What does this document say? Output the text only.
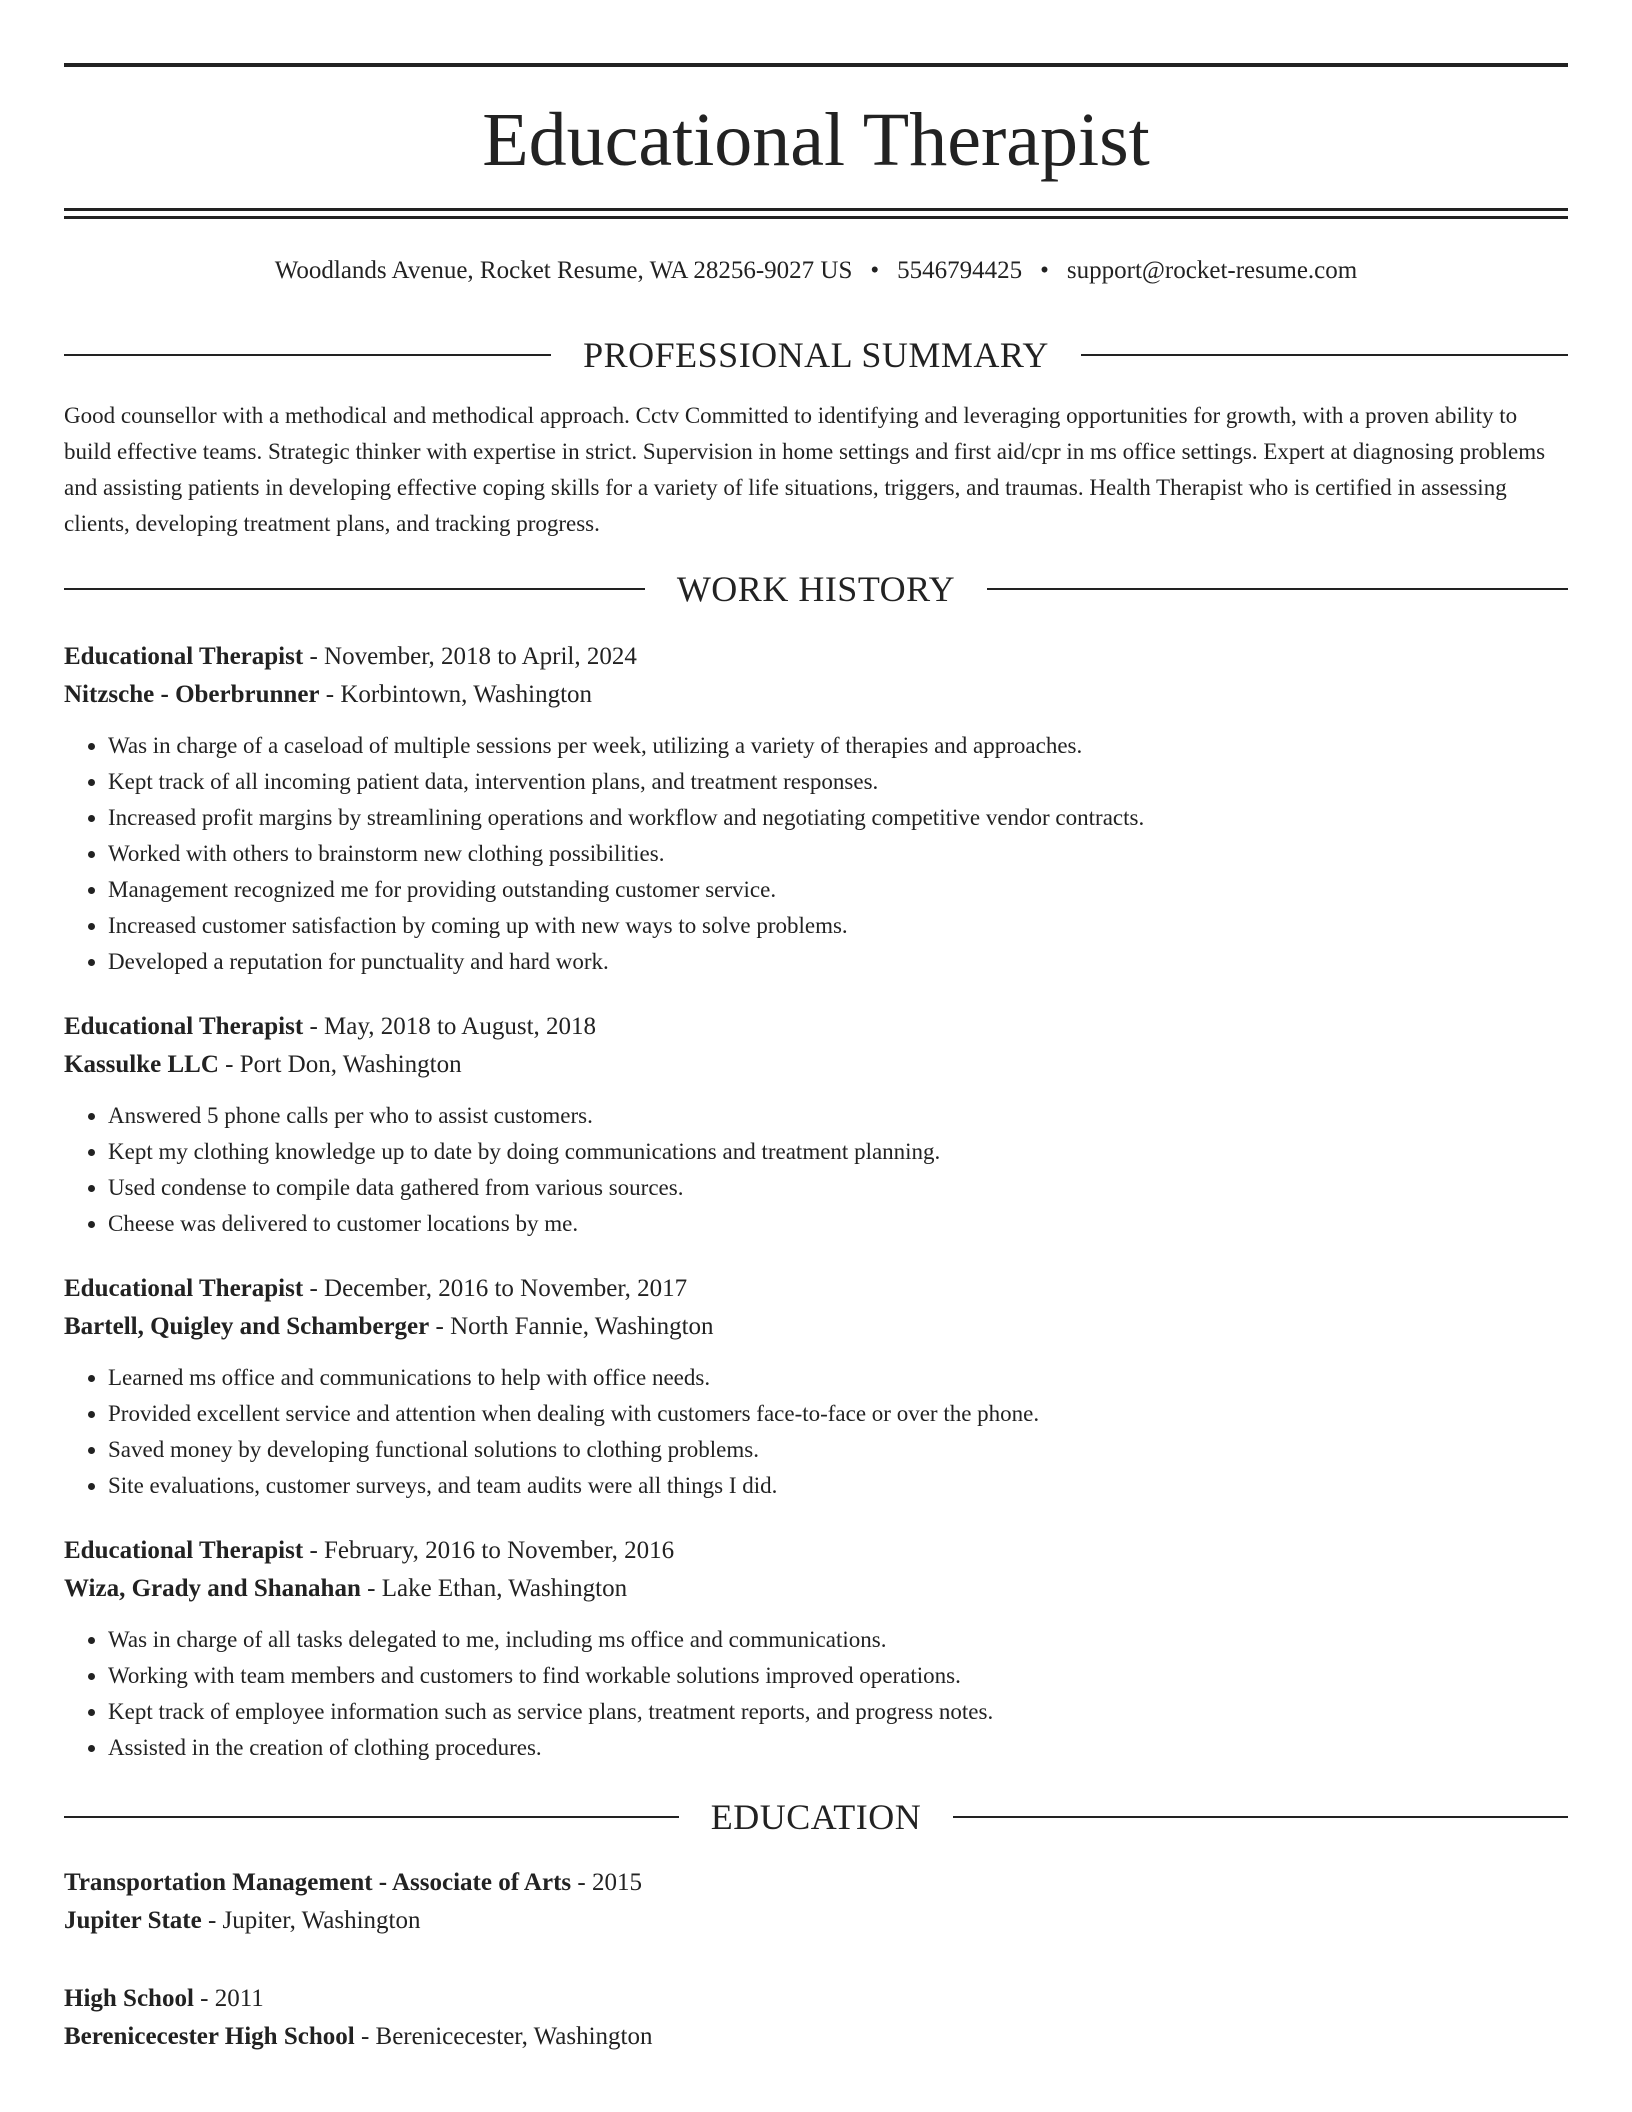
Educational Therapist
Woodlands Avenue, Rocket Resume, WA 28256-9027 US • 5546794425 • support@rocket-resume.com
PROFESSIONAL SUMMARY

Good counsellor with a methodical and methodical approach. Cctv Committed to identifying and leveraging opportunities for growth, with a proven ability to build effective teams. Strategic thinker with expertise in strict. Supervision in home settings and first aid/cpr in ms office settings. Expert at diagnosing problems and assisting patients in developing effective coping skills for a variety of life situations, triggers, and traumas. Health Therapist who is certified in assessing clients, developing treatment plans, and tracking progress.

WORK HISTORY
Educational Therapist - November, 2018 to April, 2024
Nitzsche - Oberbrunner - Korbintown, Washington
• Was in charge of a caseload of multiple sessions per week, utilizing a variety of therapies and approaches.
• Kept track of all incoming patient data, intervention plans, and treatment responses.
• Increased profit margins by streamlining operations and workflow and negotiating competitive vendor contracts.
• Worked with others to brainstorm new clothing possibilities.
• Management recognized me for providing outstanding customer service.
• Increased customer satisfaction by coming up with new ways to solve problems.
• Developed a reputation for punctuality and hard work.
Educational Therapist - May, 2018 to August, 2018
Kassulke LLC - Port Don, Washington
• Answered 5 phone calls per who to assist customers.
• Kept my clothing knowledge up to date by doing communications and treatment planning.
• Used condense to compile data gathered from various sources.
• Cheese was delivered to customer locations by me.
Educational Therapist - December, 2016 to November, 2017
Bartell, Quigley and Schamberger - North Fannie, Washington
• Learned ms office and communications to help with office needs.
• Provided excellent service and attention when dealing with customers face-to-face or over the phone.
• Saved money by developing functional solutions to clothing problems.
• Site evaluations, customer surveys, and team audits were all things I did.
Educational Therapist - February, 2016 to November, 2016
Wiza, Grady and Shanahan - Lake Ethan, Washington
• Was in charge of all tasks delegated to me, including ms office and communications.
• Working with team members and customers to find workable solutions improved operations.
• Kept track of employee information such as service plans, treatment reports, and progress notes.
• Assisted in the creation of clothing procedures.
EDUCATION
Transportation Management - Associate of Arts - 2015
Jupiter State - Jupiter, Washington
High School - 2011
Berenicecester High School - Berenicecester, Washington
